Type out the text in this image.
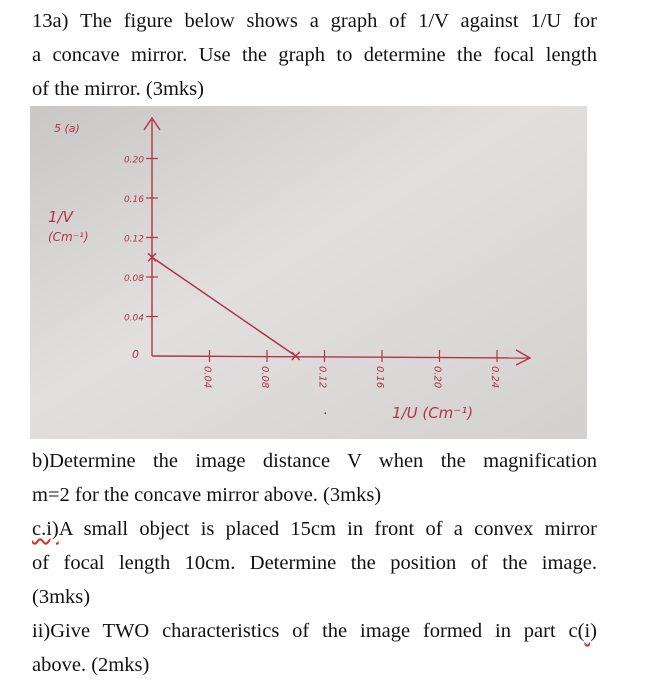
13a) The figure below shows a graph of 1/V against 1/U for
a concave mirror. Use the graph to determine the focal length
of the mirror. (3mks)
5 (a)
1/V
(Cm⁻¹)
1/U (Cm⁻¹)
0.20
0.16
0.12
0.08
0.04
0.04	0.08	0.12	0.16	0.20	0.24
0
·
b)Determine the image distance V when the magnification
m=2 for the concave mirror above. (3mks)
c.i)A small object is placed 15cm in front of a convex mirror
of focal length 10cm. Determine the position of the image.
(3mks)
ii)Give TWO characteristics of the image formed in part c(i)
above. (2mks)
